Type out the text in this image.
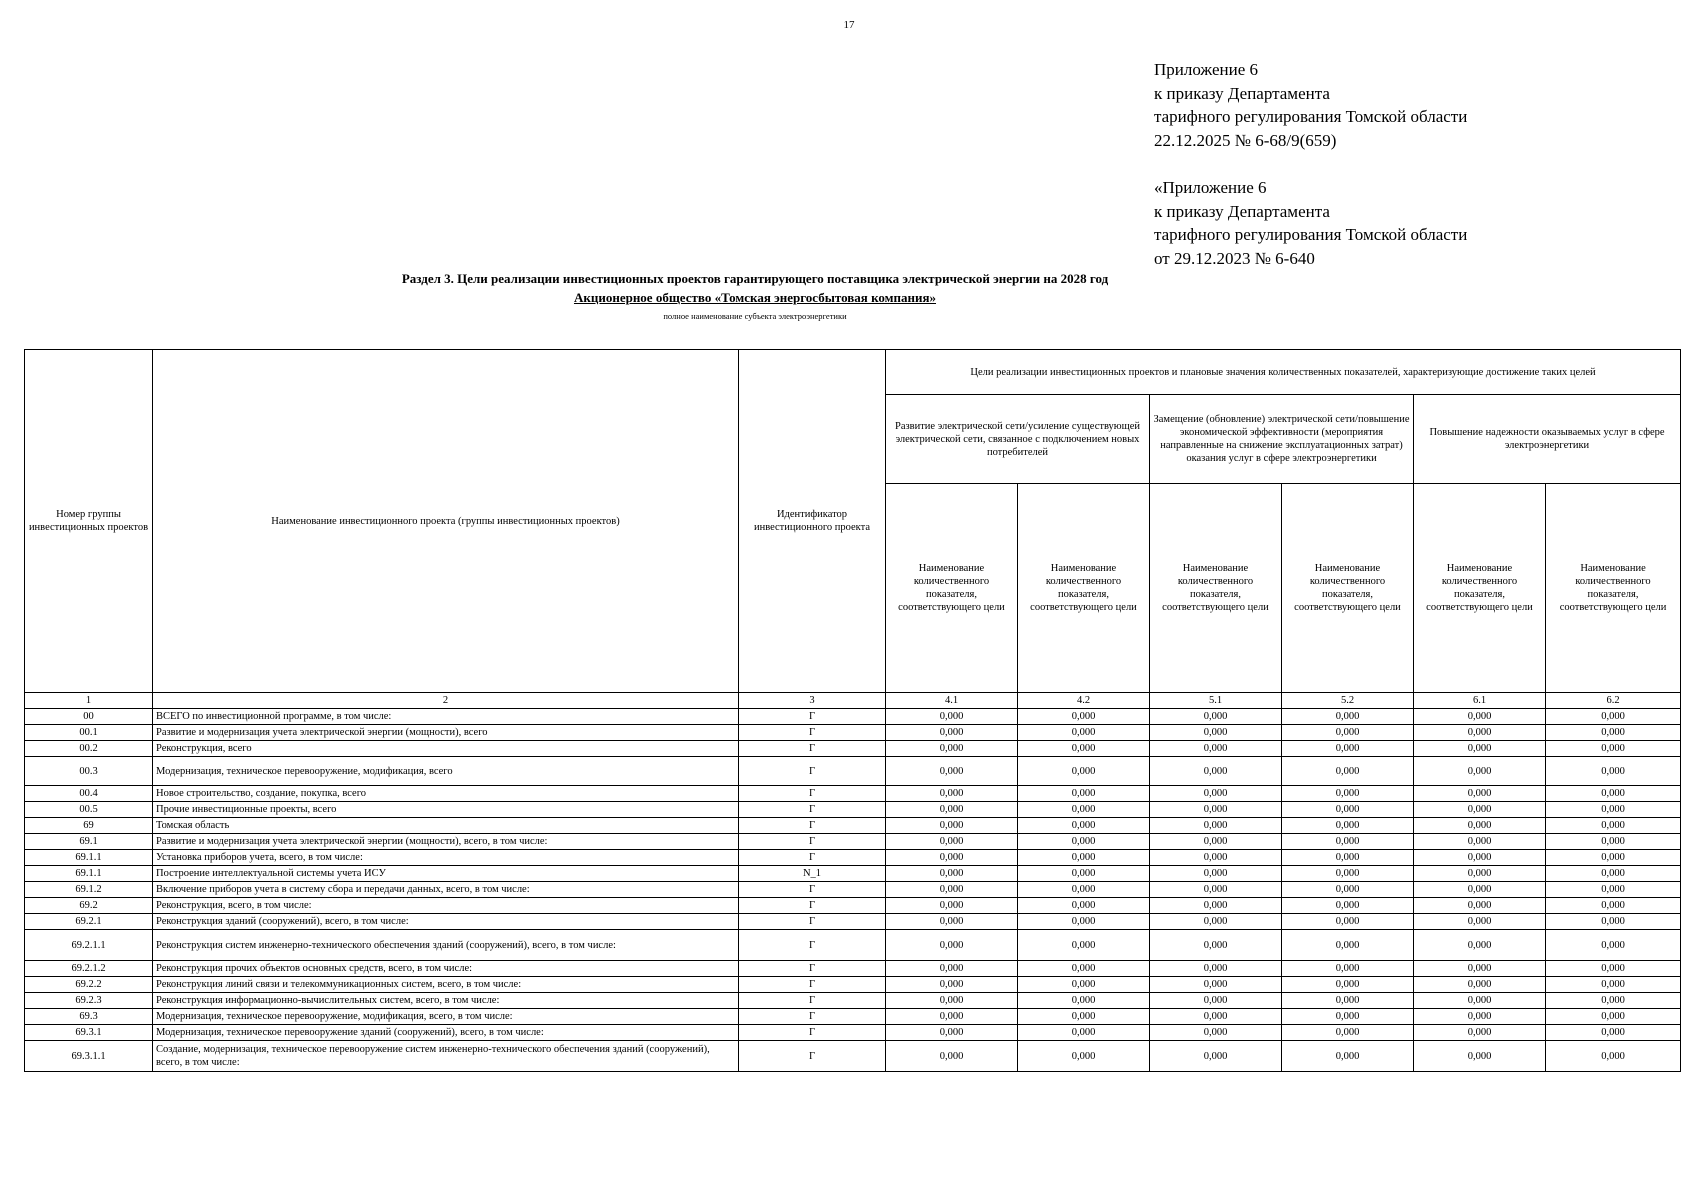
17
Приложение 6
к приказу Департамента
тарифного регулирования Томской области
22.12.2025 № 6-68/9(659)
«Приложение 6
к приказу Департамента
тарифного регулирования Томской области
от 29.12.2023 № 6-640
Раздел 3. Цели реализации инвестиционных проектов гарантирующего поставщика электрической энергии на 2028 год
Акционерное общество «Томская энергосбытовая компания»
полное наименование субъекта электроэнергетики
Номер группы инвестиционных проектов	Наименование инвестиционного проекта (группы инвестиционных проектов)	Идентификатор инвестиционного проекта	Цели реализации инвестиционных проектов и плановые значения количественных показателей, характеризующие достижение таких целей					
			Развитие электрической сети/усиление существующей электрической сети, связанное с подключением новых потребителей		Замещение (обновление) электрической сети/повышение экономической эффективности (мероприятия направленные на снижение эксплуатационных затрат) оказания услуг в сфере электроэнергетики		Повышение надежности оказываемых услуг в сфере электроэнергетики	
			Наименование количественного показателя, соответствующего цели	Наименование количественного показателя, соответствующего цели	Наименование количественного показателя, соответствующего цели	Наименование количественного показателя, соответствующего цели	Наименование количественного показателя, соответствующего цели	Наименование количественного показателя, соответствующего цели
1	2	3	4.1	4.2	5.1	5.2	6.1	6.2
00	ВСЕГО по инвестиционной программе, в том числе:	Г	0,000	0,000	0,000	0,000	0,000	0,000
00.1	Развитие и модернизация учета электрической энергии (мощности), всего	Г	0,000	0,000	0,000	0,000	0,000	0,000
00.2	Реконструкция, всего	Г	0,000	0,000	0,000	0,000	0,000	0,000
00.3	Модернизация, техническое перевооружение, модификация, всего	Г	0,000	0,000	0,000	0,000	0,000	0,000
00.4	Новое строительство, создание, покупка, всего	Г	0,000	0,000	0,000	0,000	0,000	0,000
00.5	Прочие инвестиционные проекты, всего	Г	0,000	0,000	0,000	0,000	0,000	0,000
69	Томская область	Г	0,000	0,000	0,000	0,000	0,000	0,000
69.1	Развитие и модернизация учета электрической энергии (мощности), всего, в том числе:	Г	0,000	0,000	0,000	0,000	0,000	0,000
69.1.1	Установка приборов учета, всего, в том числе:	Г	0,000	0,000	0,000	0,000	0,000	0,000
69.1.1	Построение интеллектуальной системы учета ИСУ	N_1	0,000	0,000	0,000	0,000	0,000	0,000
69.1.2	Включение приборов учета в систему сбора и передачи данных, всего, в том числе:	Г	0,000	0,000	0,000	0,000	0,000	0,000
69.2	Реконструкция, всего, в том числе:	Г	0,000	0,000	0,000	0,000	0,000	0,000
69.2.1	Реконструкция зданий (сооружений), всего, в том числе:	Г	0,000	0,000	0,000	0,000	0,000	0,000
69.2.1.1	Реконструкция систем инженерно-технического обеспечения зданий (сооружений), всего, в том числе:	Г	0,000	0,000	0,000	0,000	0,000	0,000
69.2.1.2	Реконструкция прочих объектов основных средств, всего, в том числе:	Г	0,000	0,000	0,000	0,000	0,000	0,000
69.2.2	Реконструкция линий связи и телекоммуникационных систем, всего, в том числе:	Г	0,000	0,000	0,000	0,000	0,000	0,000
69.2.3	Реконструкция информационно-вычислительных систем, всего, в том числе:	Г	0,000	0,000	0,000	0,000	0,000	0,000
69.3	Модернизация, техническое перевооружение, модификация, всего, в том числе:	Г	0,000	0,000	0,000	0,000	0,000	0,000
69.3.1	Модернизация, техническое перевооружение зданий (сооружений), всего, в том числе:	Г	0,000	0,000	0,000	0,000	0,000	0,000
69.3.1.1	Создание, модернизация, техническое перевооружение систем инженерно-технического обеспечения зданий (сооружений), всего, в том числе:	Г	0,000	0,000	0,000	0,000	0,000	0,000
